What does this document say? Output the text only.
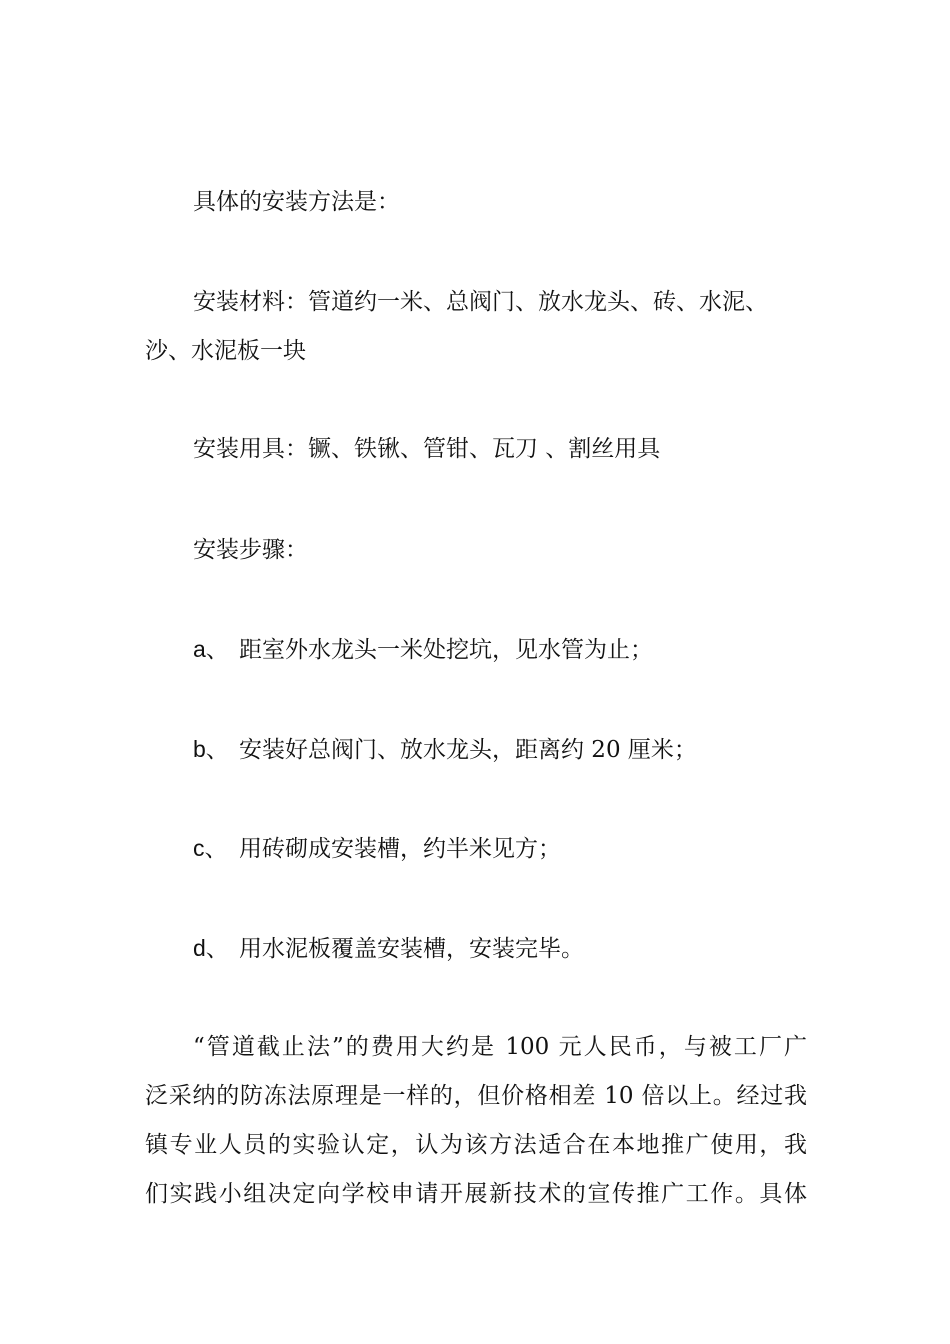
具体的安装方法是：
安装材料：管道约一米、总阀门、放水龙头、砖、水泥、
沙、水泥板一块
安装用具：镢、铁锹、管钳、瓦刀 、割丝用具
安装步骤：
a、 距室外水龙头一米处挖坑，见水管为止；
b、 安装好总阀门、放水龙头，距离约 20 厘米；
c、 用砖砌成安装槽，约半米见方；
d、 用水泥板覆盖安装槽，安装完毕。
“管道截止法”的费用大约是 100 元人民币，与被工厂广
泛采纳的防冻法原理是一样的，但价格相差 10 倍以上。经过我
镇专业人员的实验认定，认为该方法适合在本地推广使用，我
们实践小组决定向学校申请开展新技术的宣传推广工作。具体
